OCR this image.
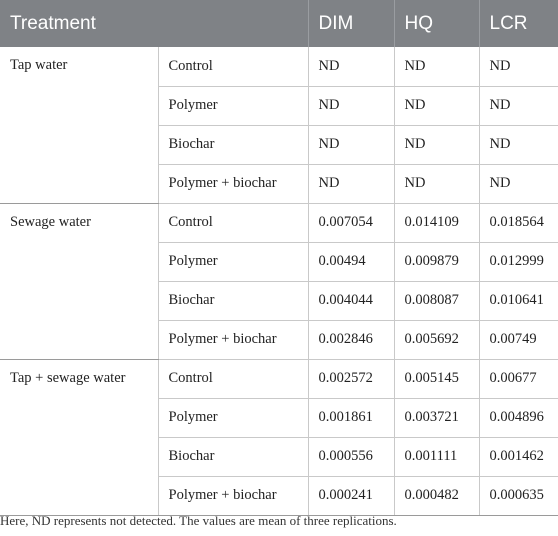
Treatment		DIM	HQ	LCR
Tap water	Control	ND	ND	ND
	Polymer	ND	ND	ND
	Biochar	ND	ND	ND
	Polymer + biochar	ND	ND	ND
Sewage water	Control	0.007054	0.014109	0.018564
	Polymer	0.00494	0.009879	0.012999
	Biochar	0.004044	0.008087	0.010641
	Polymer + biochar	0.002846	0.005692	0.00749
Tap + sewage water	Control	0.002572	0.005145	0.00677
	Polymer	0.001861	0.003721	0.004896
	Biochar	0.000556	0.001111	0.001462
	Polymer + biochar	0.000241	0.000482	0.000635
Here, ND represents not detected. The values are mean of three replications.
